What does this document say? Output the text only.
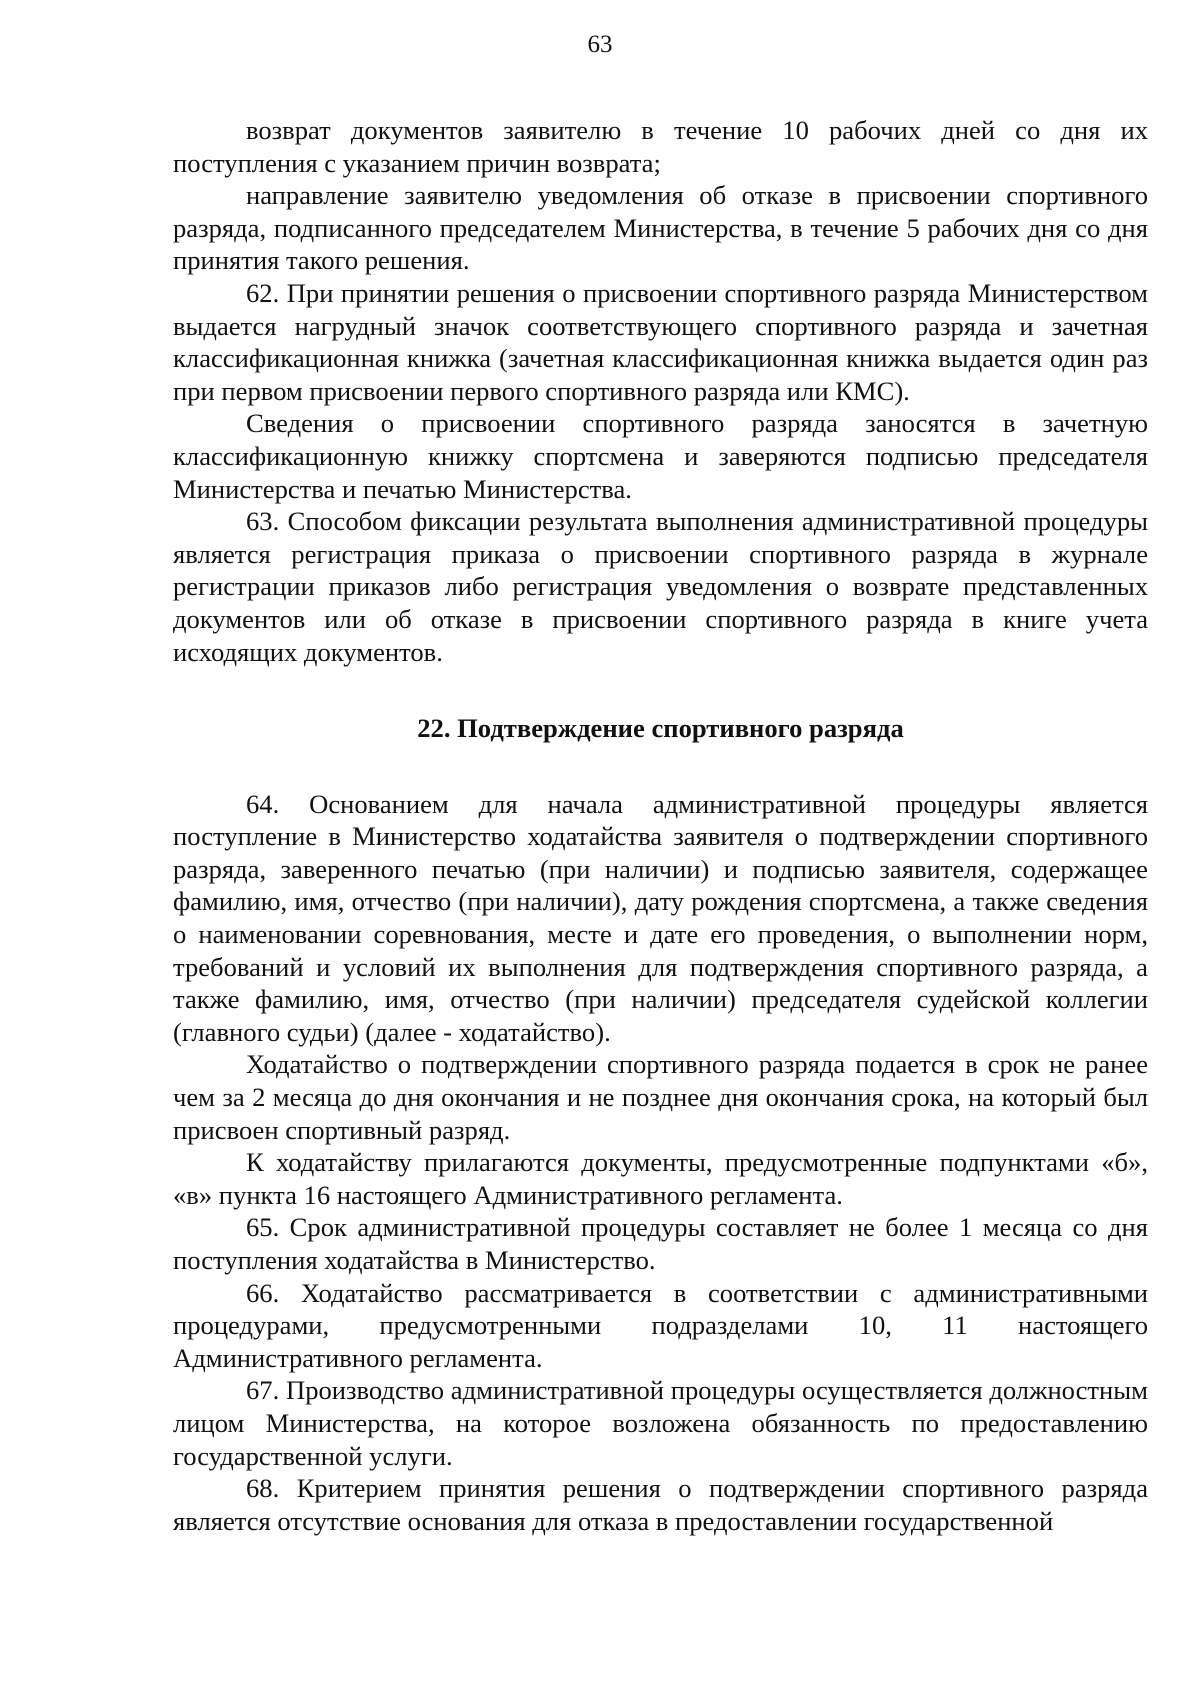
63

возврат документов заявителю в течение 10 рабочих дней со дня их поступления с указанием причин возврата;

направление заявителю уведомления об отказе в присвоении спортивного разряда, подписанного председателем Министерства, в течение 5 рабочих дня со дня принятия такого решения.

62. При принятии решения о присвоении спортивного разряда Министерством выдается нагрудный значок соответствующего спортивного разряда и зачетная классификационная книжка (зачетная классификационная книжка выдается один раз при первом присвоении первого спортивного разряда или КМС).

Сведения о присвоении спортивного разряда заносятся в зачетную классификационную книжку спортсмена и заверяются подписью председателя Министерства и печатью Министерства.

63. Способом фиксации результата выполнения административной процедуры является регистрация приказа о присвоении спортивного разряда в журнале регистрации приказов либо регистрация уведомления о возврате представленных документов или об отказе в присвоении спортивного разряда в книге учета исходящих документов.

22. Подтверждение спортивного разряда

64. Основанием для начала административной процедуры является поступление в Министерство ходатайства заявителя о подтверждении спортивного разряда, заверенного печатью (при наличии) и подписью заявителя, содержащее фамилию, имя, отчество (при наличии), дату рождения спортсмена, а также сведения о наименовании соревнования, месте и дате его проведения, о выполнении норм, требований и условий их выполнения для подтверждения спортивного разряда, а также фамилию, имя, отчество (при наличии) председателя судейской коллегии (главного судьи) (далее - ходатайство).

Ходатайство о подтверждении спортивного разряда подается в срок не ранее чем за 2 месяца до дня окончания и не позднее дня окончания срока, на который был присвоен спортивный разряд.

К ходатайству прилагаются документы, предусмотренные подпунктами «б», «в» пункта 16 настоящего Административного регламента.

65. Срок административной процедуры составляет не более 1 месяца со дня поступления ходатайства в Министерство.

66. Ходатайство рассматривается в соответствии с административными процедурами, предусмотренными подразделами 10, 11 настоящего Административного регламента.

67. Производство административной процедуры осуществляется должностным лицом Министерства, на которое возложена обязанность по предоставлению государственной услуги.

68. Критерием принятия решения о подтверждении спортивного разряда является отсутствие основания для отказа в предоставлении государственной
